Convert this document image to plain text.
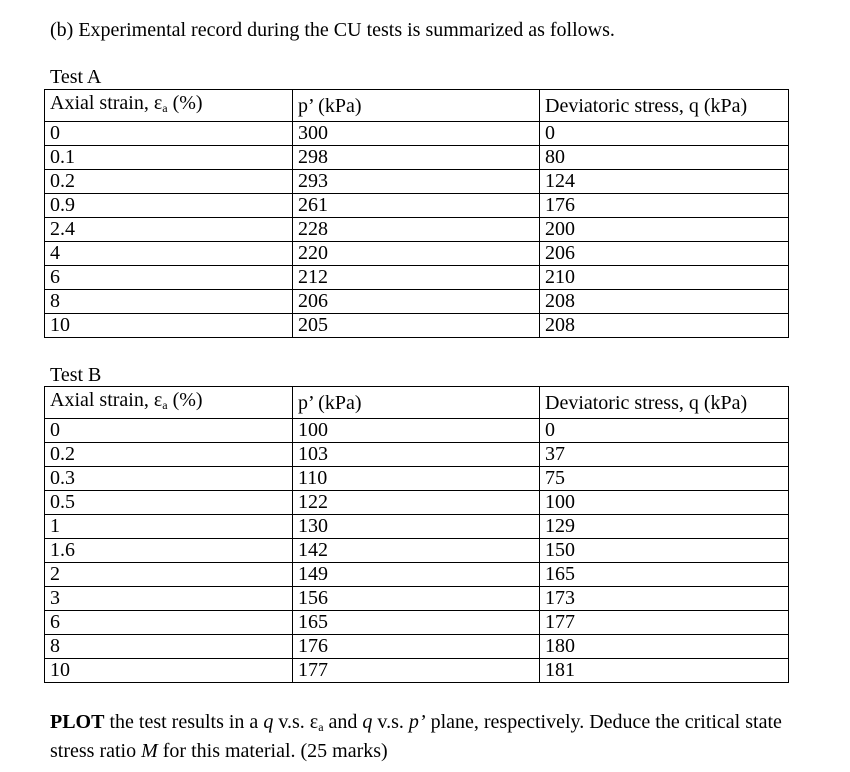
(b) Experimental record during the CU tests is summarized as follows.
Test A
Axial strain, $\varepsilon_a$ (%)	p’ (kPa)	Deviatoric stress, q (kPa)
0	300	0
0.1	298	80
0.2	293	124
0.9	261	176
2.4	228	200
4	220	206
6	212	210
8	206	208
10	205	208
Test B
Axial strain, $\varepsilon_a$ (%)	p’ (kPa)	Deviatoric stress, q (kPa)
0	100	0
0.2	103	37
0.3	110	75
0.5	122	100
1	130	129
1.6	142	150
2	149	165
3	156	173
6	165	177
8	176	180
10	177	181
PLOT the test results in a q v.s. $\varepsilon_a$ and q v.s. p’ plane, respectively. Deduce the critical state stress ratio M for this material. (25 marks)
